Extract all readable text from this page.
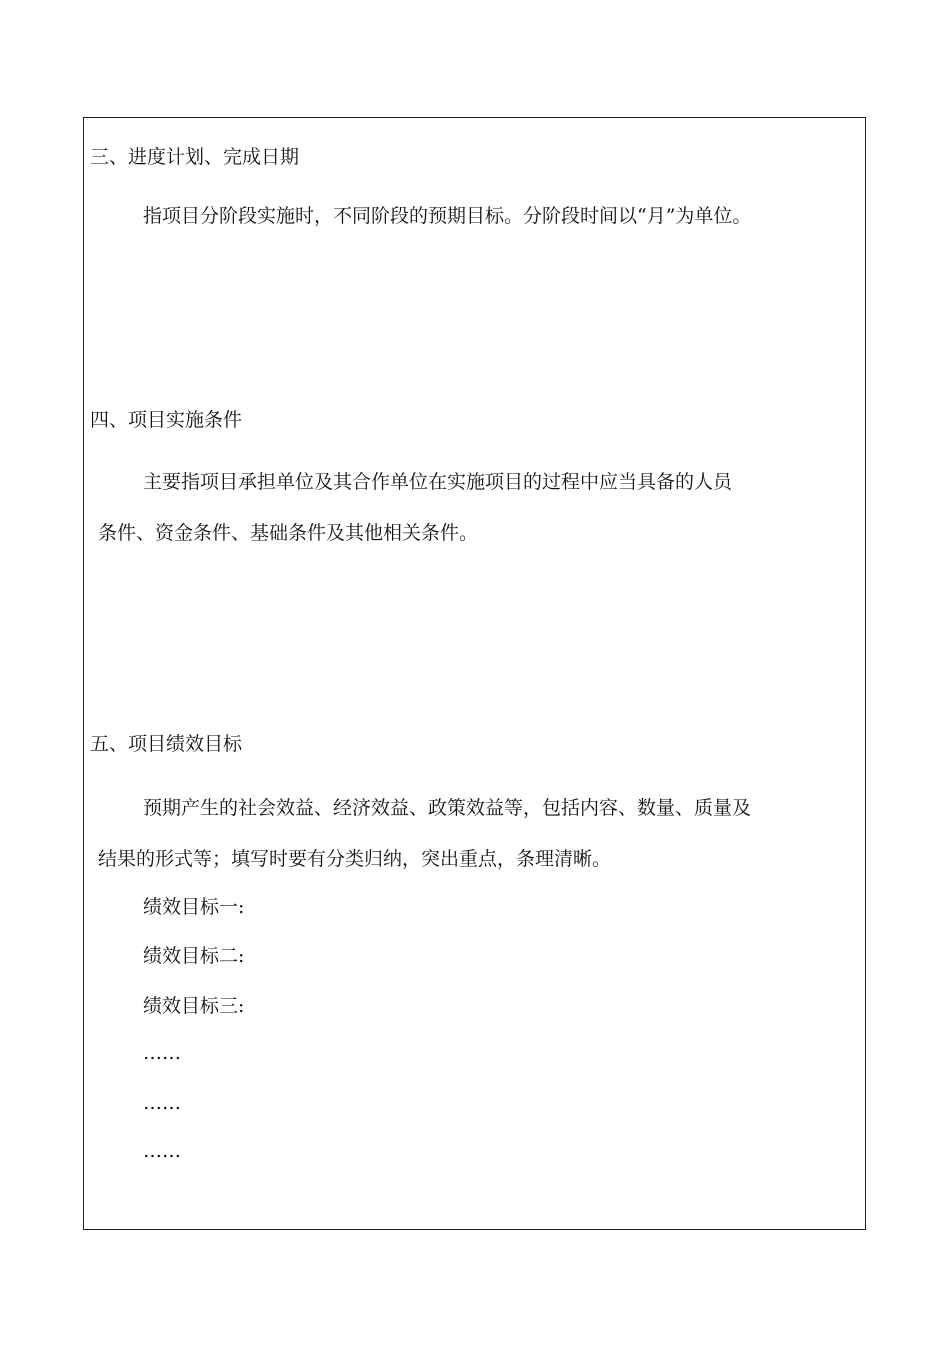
三、进度计划、完成日期

指项目分阶段实施时，不同阶段的预期目标。分阶段时间以“月”为单位。

四、项目实施条件

主要指项目承担单位及其合作单位在实施项目的过程中应当具备的人员

条件、资金条件、基础条件及其他相关条件。

五、项目绩效目标

预期产生的社会效益、经济效益、政策效益等，包括内容、数量、质量及

结果的形式等；填写时要有分类归纳，突出重点，条理清晰。

绩效目标一:

绩效目标二:

绩效目标三:

……

……

……
